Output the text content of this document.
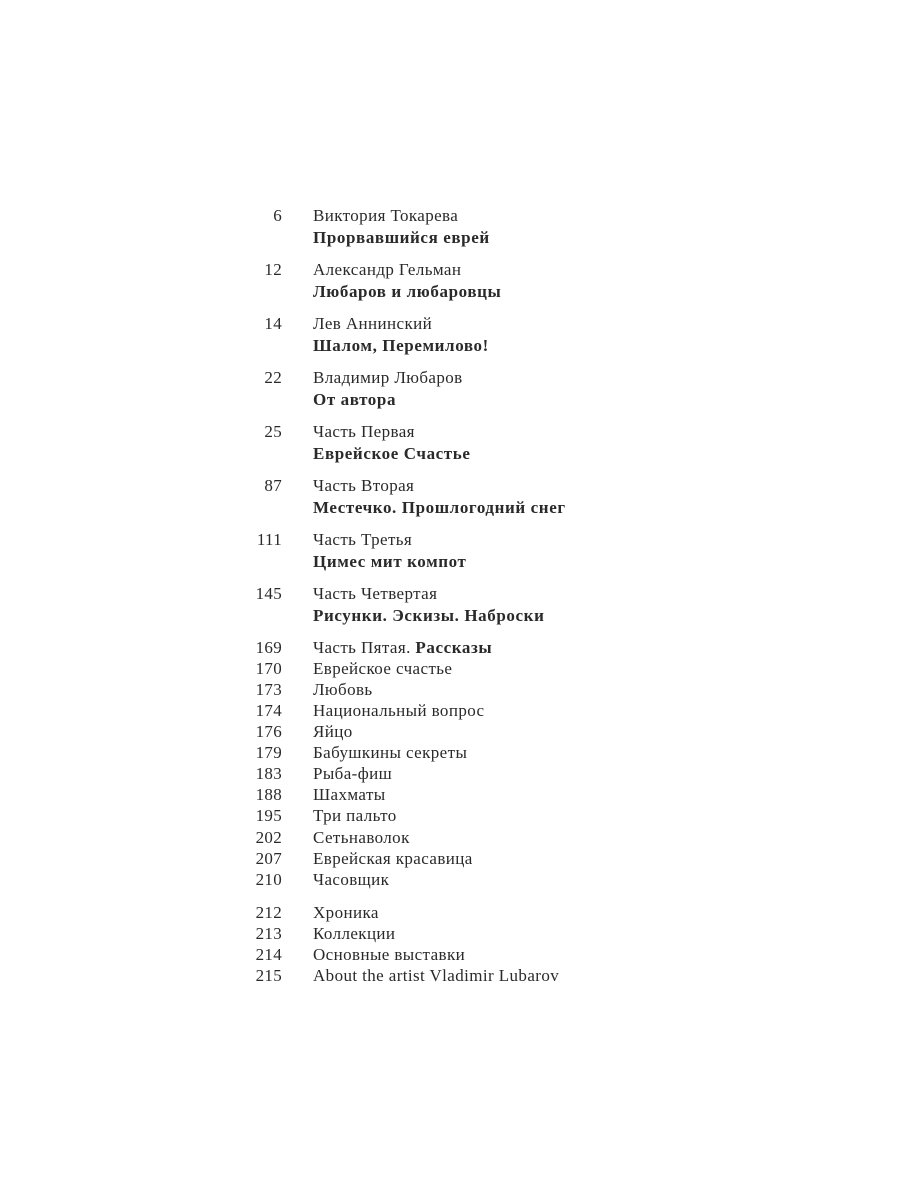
6 Виктория Токарева
Прорвавшийся еврей
12 Александр Гельман
Любаров и любаровцы
14 Лев Аннинский
Шалом, Перемилово!
22 Владимир Любаров
От автора
25 Часть Первая
Еврейское Счастье
87 Часть Вторая
Местечко. Прошлогодний снег
111 Часть Третья
Цимес мит компот
145 Часть Четвертая
Рисунки. Эскизы. Наброски
169 Часть Пятая. Рассказы
170 Еврейское счастье
173 Любовь
174 Национальный вопрос
176 Яйцо
179 Бабушкины секреты
183 Рыба-фиш
188 Шахматы
195 Три пальто
202 Сетьнаволок
207 Еврейская красавица
210 Часовщик
212 Хроника
213 Коллекции
214 Основные выставки
215 About the artist Vladimir Lubarov
